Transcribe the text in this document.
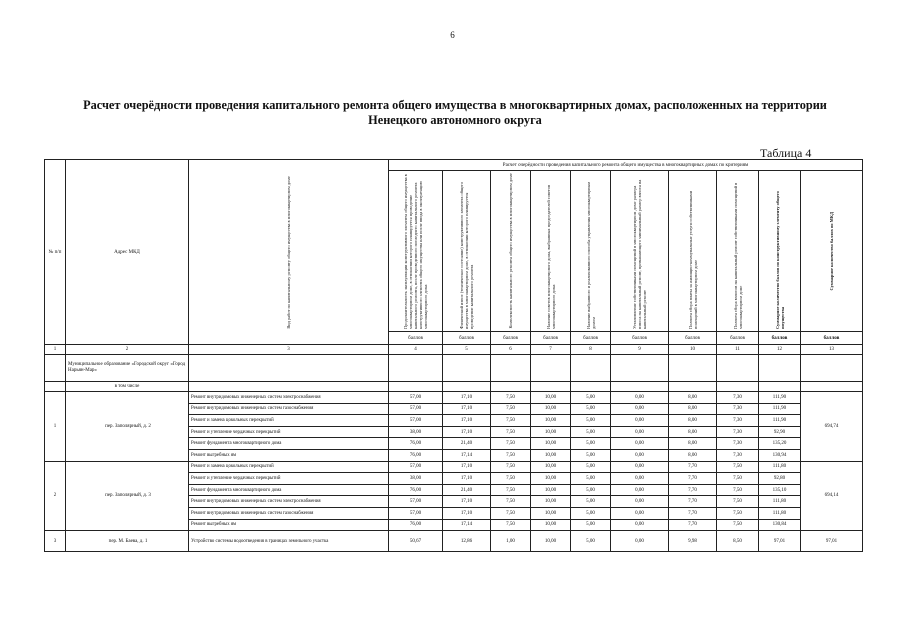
6
Расчет очерёдности проведения капитального ремонта общего имущества в многоквартирных домах, расположенных на территории Ненецкого автономного округа
Таблица 4
№ п/п	Адрес МКД	Вид работ по капитальному ремонту общего имущества в многоквартирном доме	Расчет очерёдности проведения капитального ремонта общего имущества в многоквартирных домах по критериям									

			Продолжительность эксплуатации конструктивного элемента общего имущества в многоквартирном доме, в отношении которого планируется проведение капитального ремонта, после проведенного последнего капитального ремонта конструктивного элемента общего имущества или после ввода в эксплуатацию многоквартирного дома	Физический износ (техническое состояние) конструктивного элемента общего имущества в многоквартирном доме, в отношении которого планируется проведение капитального ремонта	Комплексность капитального ремонта общего имущества в многоквартирном доме	Наличие советов многоквартирного дома, выбранных председателей советов многоквартирного дома	Наличие выбранного и реализованного способа управления многоквартирным домом	Установление собственниками помещений в многоквартирном доме размера взноса на капитальный ремонт, превышающего минимальный размер взноса на капитальный ремонт	Полнота сбора платы за жилищно-коммунальные услуги собственниками помещений в многоквартирном доме	Полнота сбора взносов на капитальный ремонт собственниками помещений в многоквартирном доме	Суммарное количество баллов по конструктивному элементу общего имущества	Суммарное количество баллов по МКД

			баллов	баллов	баллов	баллов	баллов	баллов	баллов	баллов	баллов	баллов
1	2	3	4	5	6	7	8	9	10	11	12	13
	Муниципальное образование «Городской округ «Город Нарьян-Мар»											
	в том числе											
1	пер. Заполярный, д. 2	Ремонт внутридомовых инженерных систем электроснабжения	57,00	17,10	7,50	10,00	5,00	0,00	8,00	7,30	111,90	694,74
		Ремонт внутридомовых инженерных систем газоснабжения	57,00	17,10	7,50	10,00	5,00	0,00	8,00	7,30	111,90	
		Ремонт и замена цокольных перекрытий	57,00	17,10	7,50	10,00	5,00	0,00	8,00	7,30	111,90	
		Ремонт и утепление чердачных перекрытий	38,00	17,10	7,50	10,00	5,00	0,00	8,00	7,30	92,90	
		Ремонт фундамента многоквартирного дома	76,00	21,40	7,50	10,00	5,00	0,00	8,00	7,30	135,20	
		Ремонт выгребных ям	76,00	17,14	7,50	10,00	5,00	0,00	8,00	7,30	130,94	
2	пер. Заполярный, д. 3	Ремонт и замена цокольных перекрытий	57,00	17,10	7,50	10,00	5,00	0,00	7,70	7,50	111,80	694,14
		Ремонт и утепление чердачных перекрытий	38,00	17,10	7,50	10,00	5,00	0,00	7,70	7,50	92,80	
		Ремонт фундамента многоквартирного дома	76,00	21,40	7,50	10,00	5,00	0,00	7,70	7,50	135,10	
		Ремонт внутридомовых инженерных систем электроснабжения	57,00	17,10	7,50	10,00	5,00	0,00	7,70	7,50	111,80	
		Ремонт внутридомовых инженерных систем газоснабжения	57,00	17,10	7,50	10,00	5,00	0,00	7,70	7,50	111,80	
		Ремонт выгребных ям	76,00	17,14	7,50	10,00	5,00	0,00	7,70	7,50	130,84	
3	пер. М. Баева, д. 1	Устройство системы водоотведения в границах земельного участка	50,67	12,86	1,00	10,00	5,00	0,00	9,98	8,50	97,01	97,01
